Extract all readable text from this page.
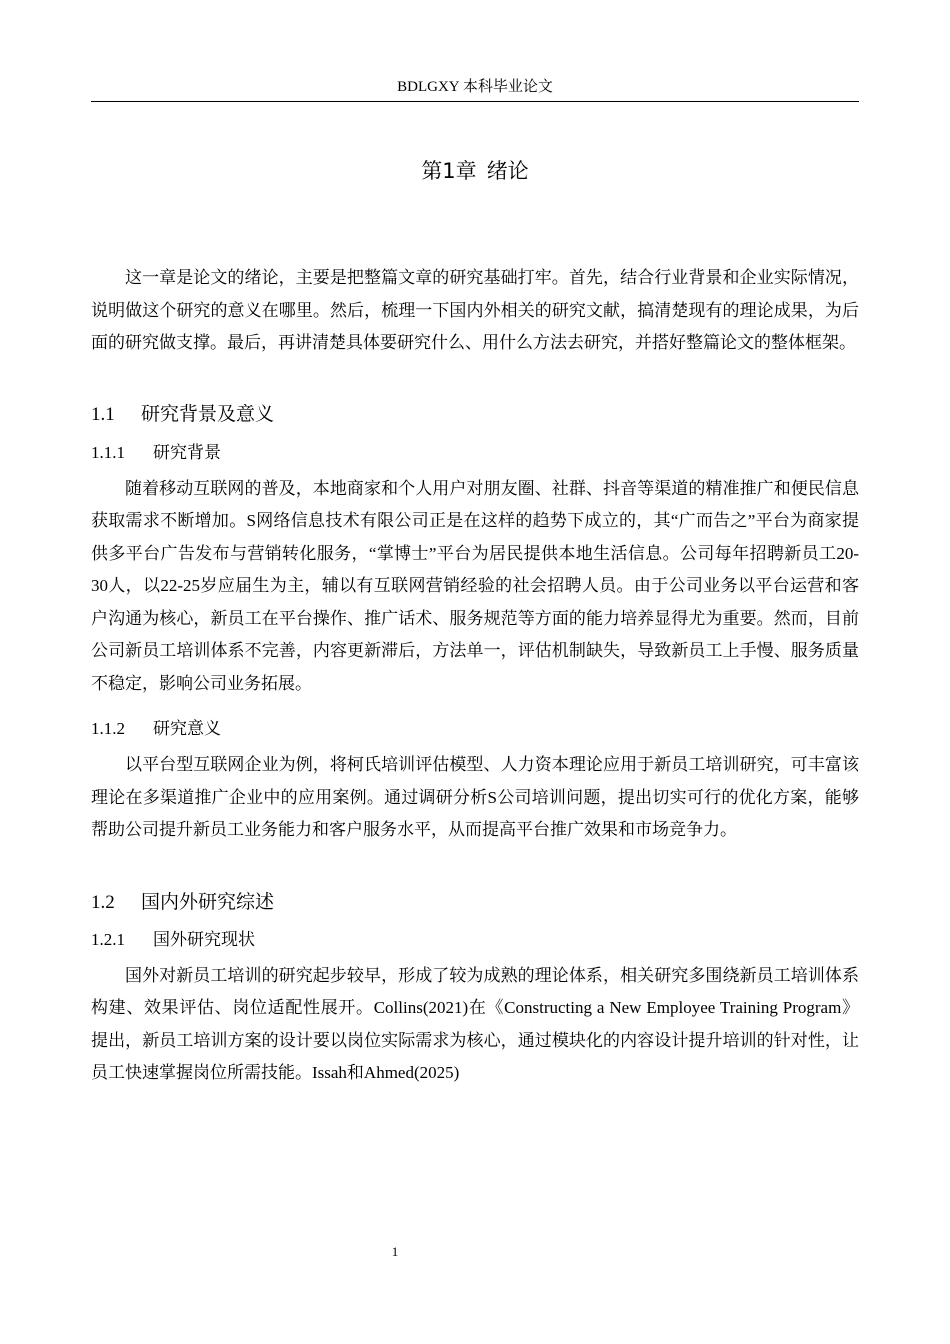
BDLGXY 本科毕业论文
第1章 绪论

这一章是论文的绪论，主要是把整篇文章的研究基础打牢。首先，结合行业背景和企业实际情况，说明做这个研究的意义在哪里。然后，梳理一下国内外相关的研究文献，搞清楚现有的理论成果，为后面的研究做支撑。最后，再讲清楚具体要研究什么、用什么方法去研究，并搭好整篇论文的整体框架。

1.1 研究背景及意义
1.1.1 研究背景

随着移动互联网的普及，本地商家和个人用户对朋友圈、社群、抖音等渠道的精准推广和便民信息获取需求不断增加。S网络信息技术有限公司正是在这样的趋势下成立的，其“广而告之”平台为商家提供多平台广告发布与营销转化服务，“掌博士”平台为居民提供本地生活信息。公司每年招聘新员工20-30人，以22-25岁应届生为主，辅以有互联网营销经验的社会招聘人员。由于公司业务以平台运营和客户沟通为核心，新员工在平台操作、推广话术、服务规范等方面的能力培养显得尤为重要。然而，目前公司新员工培训体系不完善，内容更新滞后，方法单一，评估机制缺失，导致新员工上手慢、服务质量不稳定，影响公司业务拓展。

1.1.2 研究意义

以平台型互联网企业为例，将柯氏培训评估模型、人力资本理论应用于新员工培训研究，可丰富该理论在多渠道推广企业中的应用案例。通过调研分析S公司培训问题，提出切实可行的优化方案，能够帮助公司提升新员工业务能力和客户服务水平，从而提高平台推广效果和市场竞争力。

1.2 国内外研究综述
1.2.1 国外研究现状

国外对新员工培训的研究起步较早，形成了较为成熟的理论体系，相关研究多围绕新员工培训体系构建、效果评估、岗位适配性展开。Collins(2021)在《Constructing a New Employee Training Program》提出，新员工培训方案的设计要以岗位实际需求为核心，通过模块化的内容设计提升培训的针对性，让员工快速掌握岗位所需技能。Issah和Ahmed(2025)

1
